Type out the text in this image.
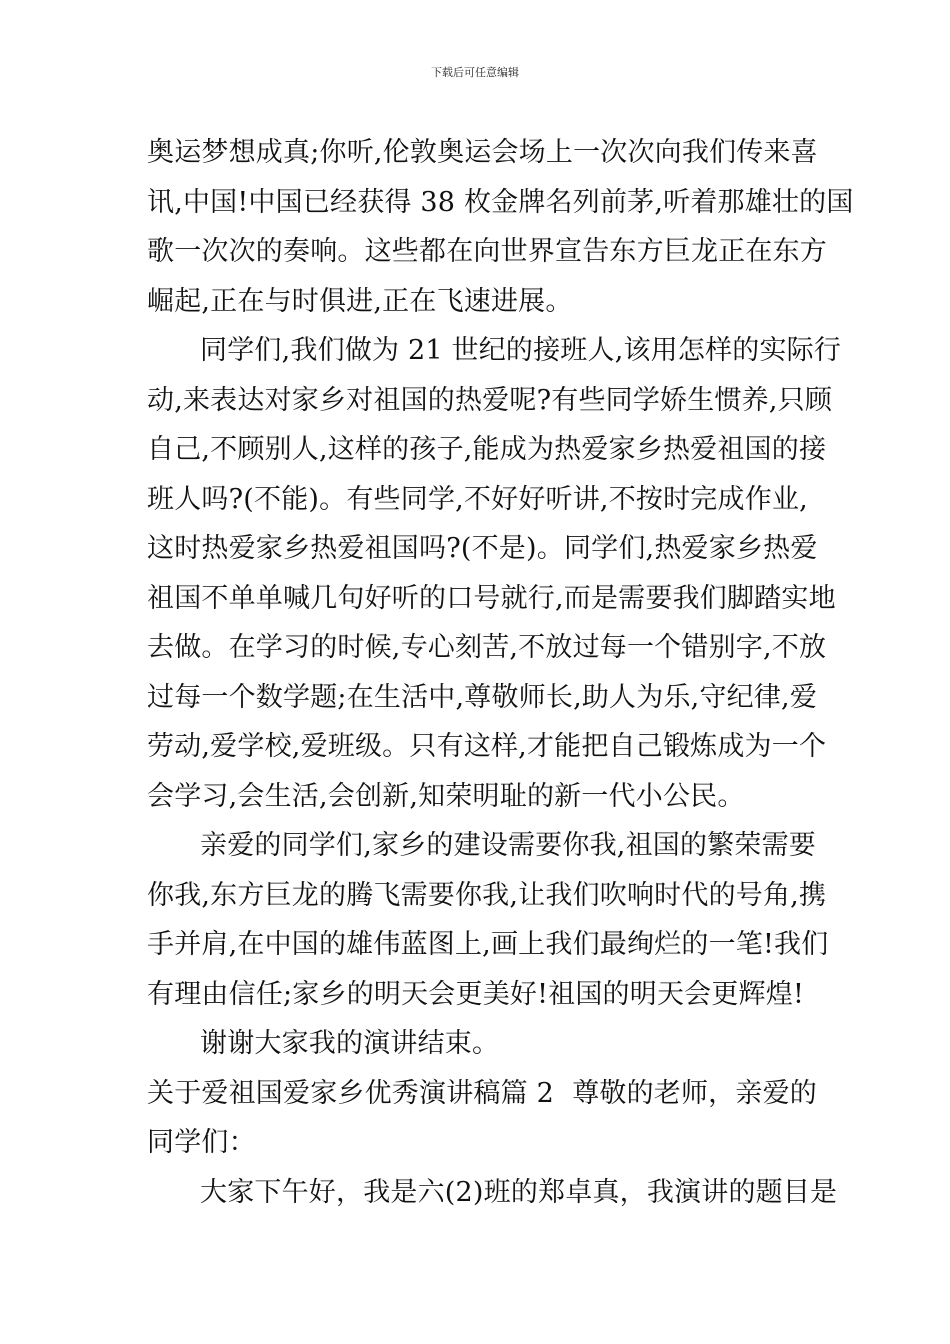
下载后可任意编辑
奥运梦想成真;你听,伦敦奥运会场上一次次向我们传来喜
讯,中国!中国已经获得 38 枚金牌名列前茅,听着那雄壮的国
歌一次次的奏响。这些都在向世界宣告东方巨龙正在东方
崛起,正在与时俱进,正在飞速进展。
同学们,我们做为 21 世纪的接班人,该用怎样的实际行
动,来表达对家乡对祖国的热爱呢?有些同学娇生惯养,只顾
自己,不顾别人,这样的孩子,能成为热爱家乡热爱祖国的接
班人吗?(不能)。有些同学,不好好听讲,不按时完成作业,
这时热爱家乡热爱祖国吗?(不是)。同学们,热爱家乡热爱
祖国不单单喊几句好听的口号就行,而是需要我们脚踏实地
去做。在学习的时候,专心刻苦,不放过每一个错别字,不放
过每一个数学题;在生活中,尊敬师长,助人为乐,守纪律,爱
劳动,爱学校,爱班级。只有这样,才能把自己锻炼成为一个
会学习,会生活,会创新,知荣明耻的新一代小公民。
亲爱的同学们,家乡的建设需要你我,祖国的繁荣需要
你我,东方巨龙的腾飞需要你我,让我们吹响时代的号角,携
手并肩,在中国的雄伟蓝图上,画上我们最绚烂的一笔!我们
有理由信任;家乡的明天会更美好!祖国的明天会更辉煌!
谢谢大家我的演讲结束。
关于爱祖国爱家乡优秀演讲稿篇 2 尊敬的老师，亲爱的
同学们：
大家下午好，我是六(2)班的郑卓真，我演讲的题目是
